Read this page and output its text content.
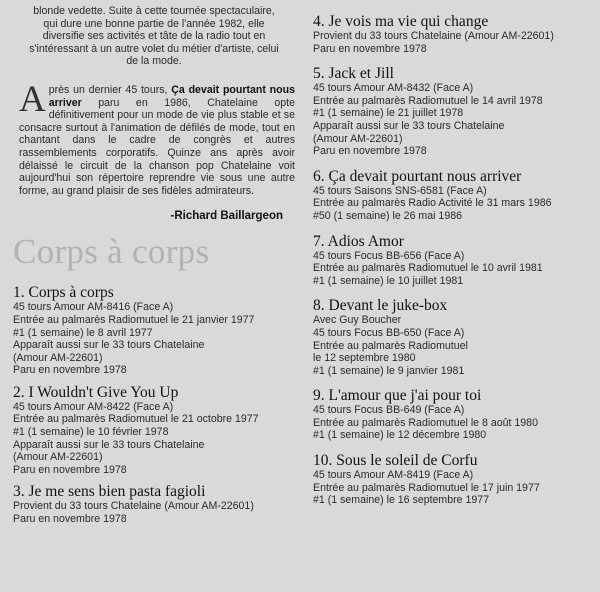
blonde vedette. Suite à cette tournée spectaculaire,
qui dure une bonne partie de l'année 1982, elle
diversifie ses activités et tâte de la radio tout en
s'intéressant à un autre volet du métier d'artiste, celui
de la mode.
Après un dernier 45 tours, Ça devait pourtant nous arriver paru en 1986, Chatelaine opte définitivement pour un mode de vie plus stable et se consacre surtout à l'animation de défilés de mode, tout en chantant dans le cadre de congrès et autres rassemblements corporatifs. Quinze ans après avoir délaissé le circuit de la chanson pop Chatelaine voit aujourd'hui son répertoire reprendre vie sous une autre forme, au grand plaisir de ses fidèles admirateurs.
-Richard Baillargeon
Corps à corps
1. Corps à corps
45 tours Amour AM-8416 (Face A)
Entrée au palmarès Radiomutuel le 21 janvier 1977
#1 (1 semaine) le 8 avril 1977
Apparaît aussi sur le 33 tours Chatelaine
(Amour AM-22601)
Paru en novembre 1978
2. I Wouldn't Give You Up
45 tours Amour AM-8422 (Face A)
Entrée au palmarès Radiomutuel le 21 octobre 1977
#1 (1 semaine) le 10 février 1978
Apparaît aussi sur le 33 tours Chatelaine
(Amour AM-22601)
Paru en novembre 1978
3. Je me sens bien pasta fagioli
Provient du 33 tours Chatelaine (Amour AM-22601)
Paru en novembre 1978
4. Je vois ma vie qui change
Provient du 33 tours Chatelaine (Amour AM-22601)
Paru en novembre 1978
5. Jack et Jill
45 tours Amour AM-8432 (Face A)
Entrée au palmarès Radiomutuel le 14 avril 1978
#1 (1 semaine) le 21 juillet 1978
Apparaît aussi sur le 33 tours Chatelaine
(Amour AM-22601)
Paru en novembre 1978
6. Ça devait pourtant nous arriver
45 tours Saisons SNS-6581 (Face A)
Entrée au palmarès Radio Activité le 31 mars 1986
#50 (1 semaine) le 26 mai 1986
7. Adios Amor
45 tours Focus BB-656 (Face A)
Entrée au palmarès Radiomutuel le 10 avril 1981
#1 (1 semaine) le 10 juillet 1981
8. Devant le juke-box
Avec Guy Boucher
45 tours Focus BB-650 (Face A)
Entrée au palmarès Radiomutuel
le 12 septembre 1980
#1 (1 semaine) le 9 janvier 1981
9. L'amour que j'ai pour toi
45 tours Focus BB-649 (Face A)
Entrée au palmarès Radiomutuel le 8 août 1980
#1 (1 semaine) le 12 décembre 1980
10. Sous le soleil de Corfu
45 tours Amour AM-8419 (Face A)
Entrée au palmarès Radiomutuel le 17 juin 1977
#1 (1 semaine) le 16 septembre 1977
